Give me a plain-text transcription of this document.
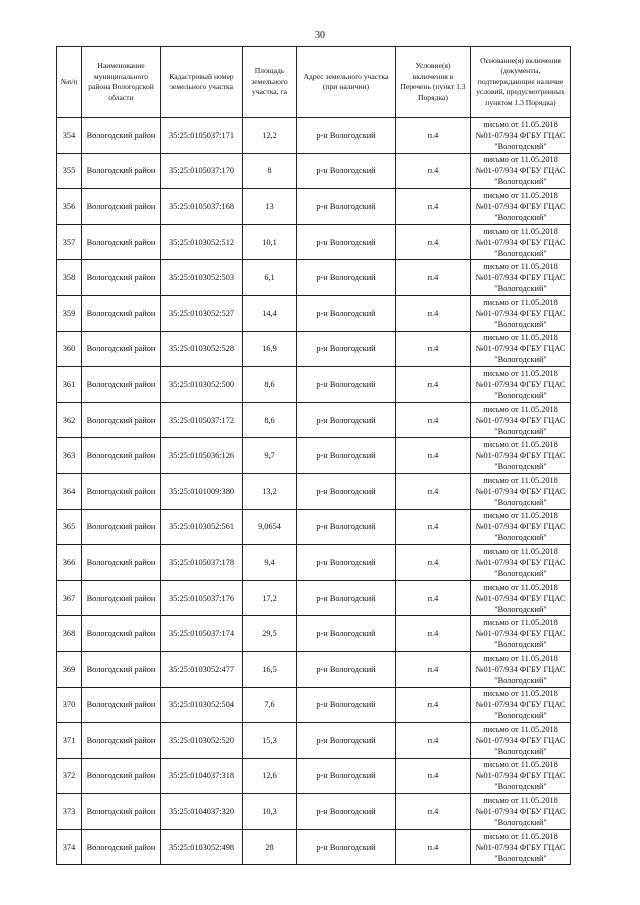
30
№п/п	Наименование муниципального района Вологодской области	Кадастровый номер земельного участка	Площадь земельного участка, га	Адрес земельного участка (при наличии)	Условие(я) включения в Перечень (пункт 1.3 Порядка)	Основание(я) включения (документы, подтверждающие наличие условий, предусмотренных пунктом 1.3 Порядка)
354	Вологодский район	35:25:0105037:171	12,2	р-н Вологодский	п.4	письмо от 11.05.2018 №01-07/934 ФГБУ ГЦАС "Вологодский"
355	Вологодский район	35:25:0105037:170	8	р-н Вологодский	п.4	письмо от 11.05.2018 №01-07/934 ФГБУ ГЦАС "Вологодский"
356	Вологодский район	35:25:0105037:168	13	р-н Вологодский	п.4	письмо от 11.05.2018 №01-07/934 ФГБУ ГЦАС "Вологодский"
357	Вологодский район	35:25:0103052:512	10,1	р-н Вологодский	п.4	письмо от 11.05.2018 №01-07/934 ФГБУ ГЦАС "Вологодский"
358	Вологодский район	35:25:0103052:503	6,1	р-н Вологодский	п.4	письмо от 11.05.2018 №01-07/934 ФГБУ ГЦАС "Вологодский"
359	Вологодский район	35:25:0103052:527	14,4	р-н Вологодский	п.4	письмо от 11.05.2018 №01-07/934 ФГБУ ГЦАС "Вологодский"
360	Вологодский район	35:25:0103052:528	16,9	р-н Вологодский	п.4	письмо от 11.05.2018 №01-07/934 ФГБУ ГЦАС "Вологодский"
361	Вологодский район	35:25:0103052:500	8,6	р-н Вологодский	п.4	письмо от 11.05.2018 №01-07/934 ФГБУ ГЦАС "Вологодский"
362	Вологодский район	35:25:0105037:172	8,6	р-н Вологодский	п.4	письмо от 11.05.2018 №01-07/934 ФГБУ ГЦАС "Вологодский"
363	Вологодский район	35:25:0105036:126	9,7	р-н Вологодский	п.4	письмо от 11.05.2018 №01-07/934 ФГБУ ГЦАС "Вологодский"
364	Вологодский район	35:25:0101009:380	13,2	р-н Вологодский	п.4	письмо от 11.05.2018 №01-07/934 ФГБУ ГЦАС "Вологодский"
365	Вологодский район	35:25:0103052:561	9,0654	р-н Вологодский	п.4	письмо от 11.05.2018 №01-07/934 ФГБУ ГЦАС "Вологодский"
366	Вологодский район	35:25:0105037:178	9,4	р-н Вологодский	п.4	письмо от 11.05.2018 №01-07/934 ФГБУ ГЦАС "Вологодский"
367	Вологодский район	35:25:0105037:176	17,2	р-н Вологодский	п.4	письмо от 11.05.2018 №01-07/934 ФГБУ ГЦАС "Вологодский"
368	Вологодский район	35:25:0105037:174	29,5	р-н Вологодский	п.4	письмо от 11.05.2018 №01-07/934 ФГБУ ГЦАС "Вологодский"
369	Вологодский район	35:25:0103052:477	16,5	р-н Вологодский	п.4	письмо от 11.05.2018 №01-07/934 ФГБУ ГЦАС "Вологодский"
370	Вологодский район	35:25:0103052:504	7,6	р-н Вологодский	п.4	письмо от 11.05.2018 №01-07/934 ФГБУ ГЦАС "Вологодский"
371	Вологодский район	35:25:0103052:520	15,3	р-н Вологодский	п.4	письмо от 11.05.2018 №01-07/934 ФГБУ ГЦАС "Вологодский"
372	Вологодский район	35:25:0104037:318	12,6	р-н Вологодский	п.4	письмо от 11.05.2018 №01-07/934 ФГБУ ГЦАС "Вологодский"
373	Вологодский район	35:25:0104037:320	10,3	р-н Вологодский	п.4	письмо от 11.05.2018 №01-07/934 ФГБУ ГЦАС "Вологодский"
374	Вологодский район	35:25:0103052:498	28	р-н Вологодский	п.4	письмо от 11.05.2018 №01-07/934 ФГБУ ГЦАС "Вологодский"
